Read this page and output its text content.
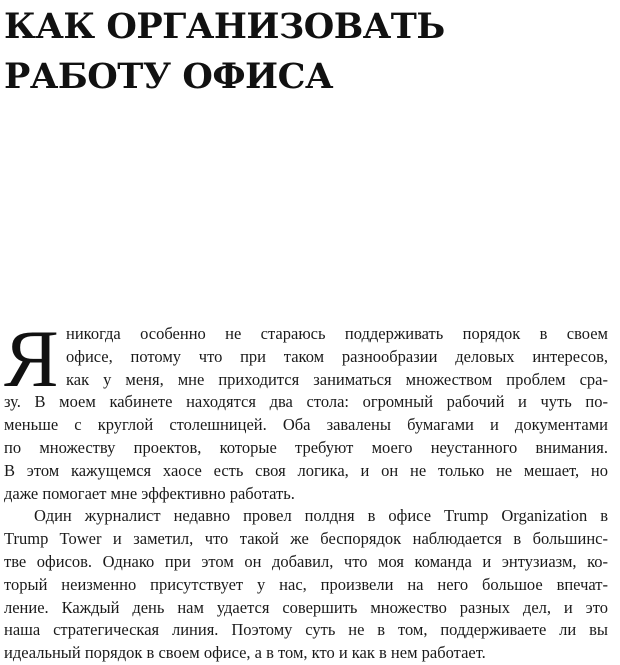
КАК ОРГАНИЗОВАТЬ
РАБОТУ ОФИСА
Я никогда особенно не стараюсь поддерживать порядок в своем
офисе, потому что при таком разнообразии деловых интересов,
как у меня, мне приходится заниматься множеством проблем сра-
зу. В моем кабинете находятся два стола: огромный рабочий и чуть по-
меньше с круглой столешницей. Оба завалены бумагами и документами
по множеству проектов, которые требуют моего неустанного внимания.
В этом кажущемся хаосе есть своя логика, и он не только не мешает, но
даже помогает мне эффективно работать.
Один журналист недавно провел полдня в офисе Trump Organization в
Trump Tower и заметил, что такой же беспорядок наблюдается в большинс-
тве офисов. Однако при этом он добавил, что моя команда и энтузиазм, ко-
торый неизменно присутствует у нас, произвели на него большое впечат-
ление. Каждый день нам удается совершить множество разных дел, и это
наша стратегическая линия. Поэтому суть не в том, поддерживаете ли вы
идеальный порядок в своем офисе, а в том, кто и как в нем работает.
